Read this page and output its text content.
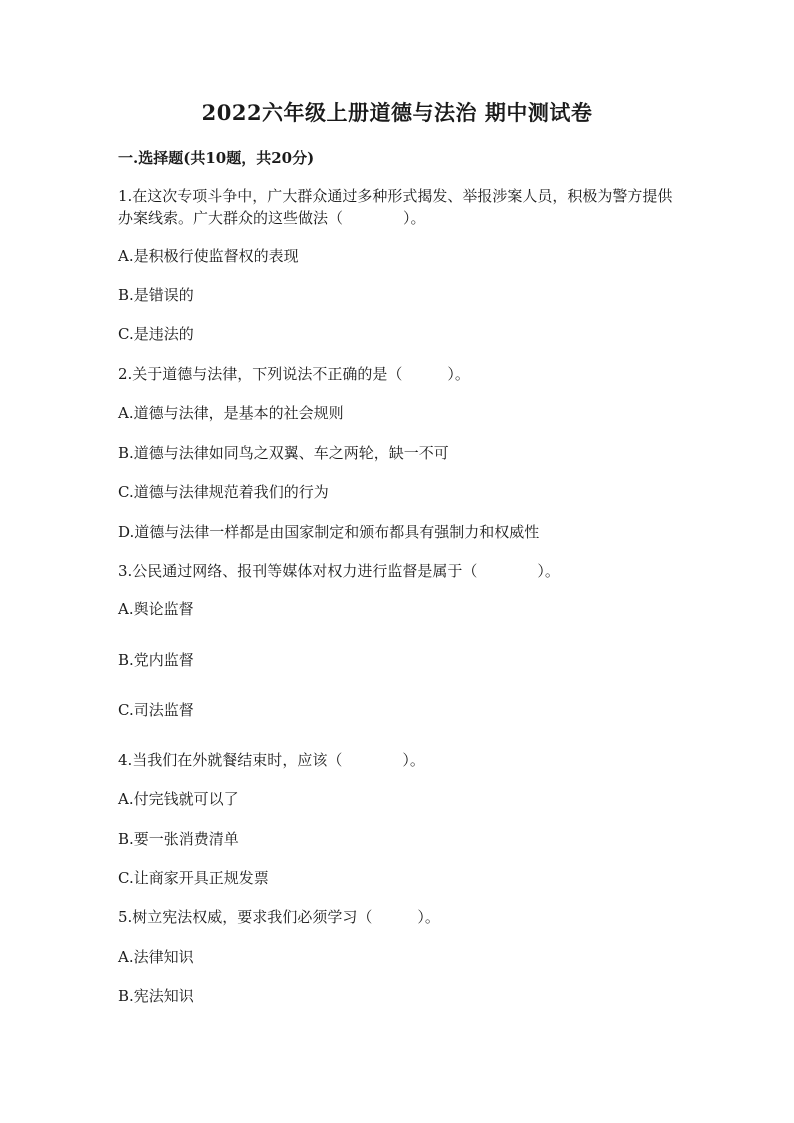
2022六年级上册道德与法治 期中测试卷
一.选择题(共10题，共20分)
1.在这次专项斗争中，广大群众通过多种形式揭发、举报涉案人员，积极为警方提供办案线索。广大群众的这些做法（　　　　）。
A.是积极行使监督权的表现
B.是错误的
C.是违法的
2.关于道德与法律，下列说法不正确的是（　　　）。
A.道德与法律，是基本的社会规则
B.道德与法律如同鸟之双翼、车之两轮，缺一不可
C.道德与法律规范着我们的行为
D.道德与法律一样都是由国家制定和颁布都具有强制力和权威性
3.公民通过网络、报刊等媒体对权力进行监督是属于（　　　　）。
A.舆论监督
B.党内监督
C.司法监督
4.当我们在外就餐结束时，应该（　　　　）。
A.付完钱就可以了
B.要一张消费清单
C.让商家开具正规发票
5.树立宪法权威，要求我们必须学习（　　　）。
A.法律知识
B.宪法知识
